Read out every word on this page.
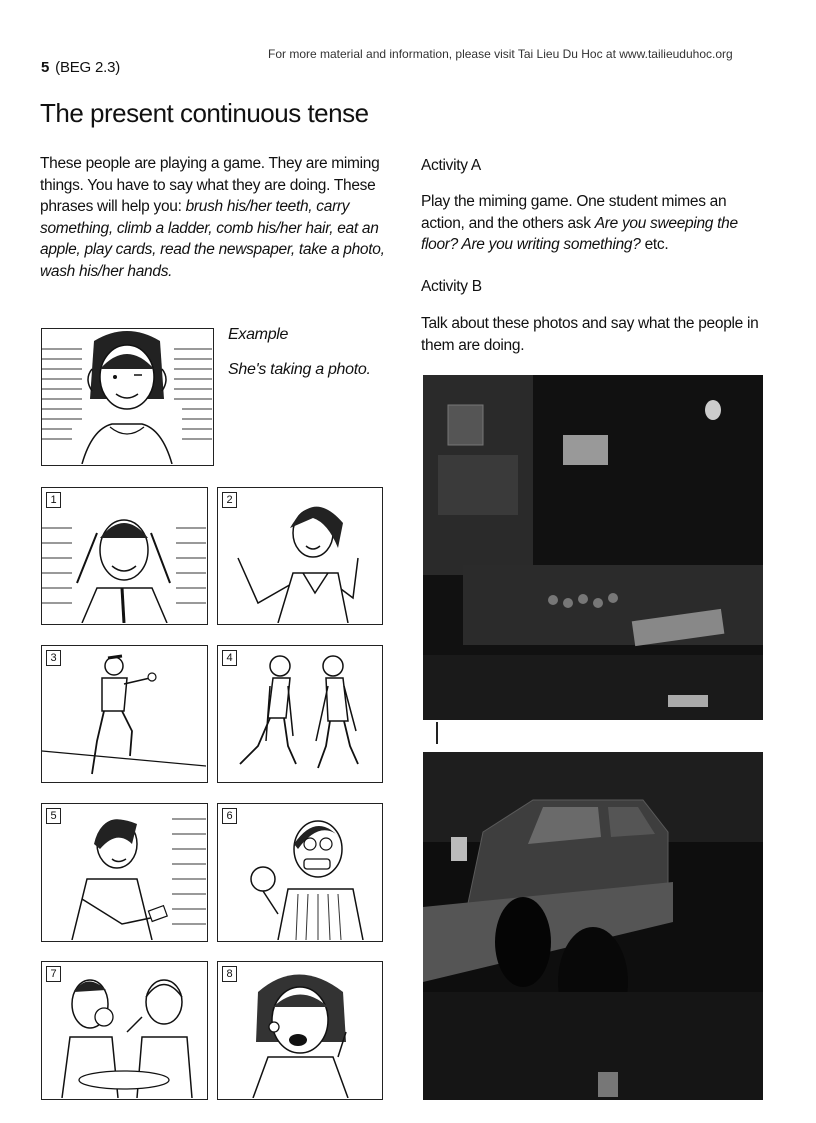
For more material and information, please visit Tai Lieu Du Hoc at www.tailieuduhoc.org
5 (BEG 2.3)
The present continuous tense
These people are playing a game. They are miming things. You have to say what they are doing. These phrases will help you: brush his/her teeth, carry something, climb a ladder, comb his/her hair, eat an apple, play cards, read the newspaper, take a photo, wash his/her hands.
Activity A
Play the miming game. One student mimes an action, and the others ask Are you sweeping the floor? Are you writing something? etc.
Activity B
Talk about these photos and say what the people in them are doing.
Example
She's taking a photo.
1	2
3	4
5	6
7	8
